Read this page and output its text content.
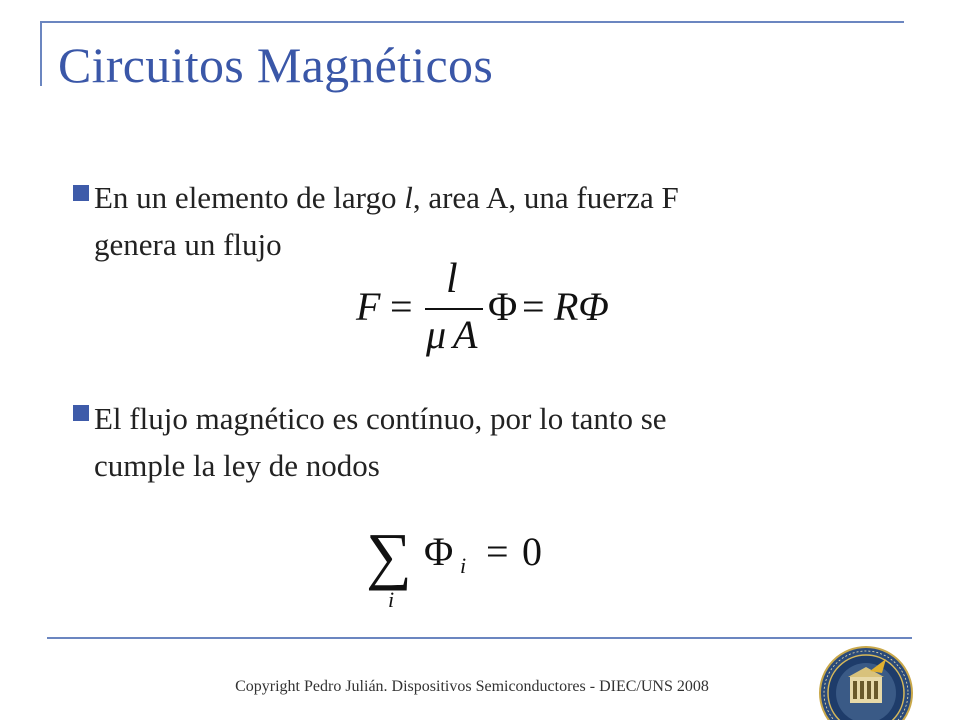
Circuitos Magnéticos
En un elemento de largo l, area A, una fuerza F
genera un flujo
F =
l
μ A
Φ = RΦ
El flujo magnético es contínuo, por lo tanto se
cumple la ley de nodos
∑ Φ i = 0
i
Copyright Pedro Julián. Dispositivos Semiconductores - DIEC/UNS 2008
